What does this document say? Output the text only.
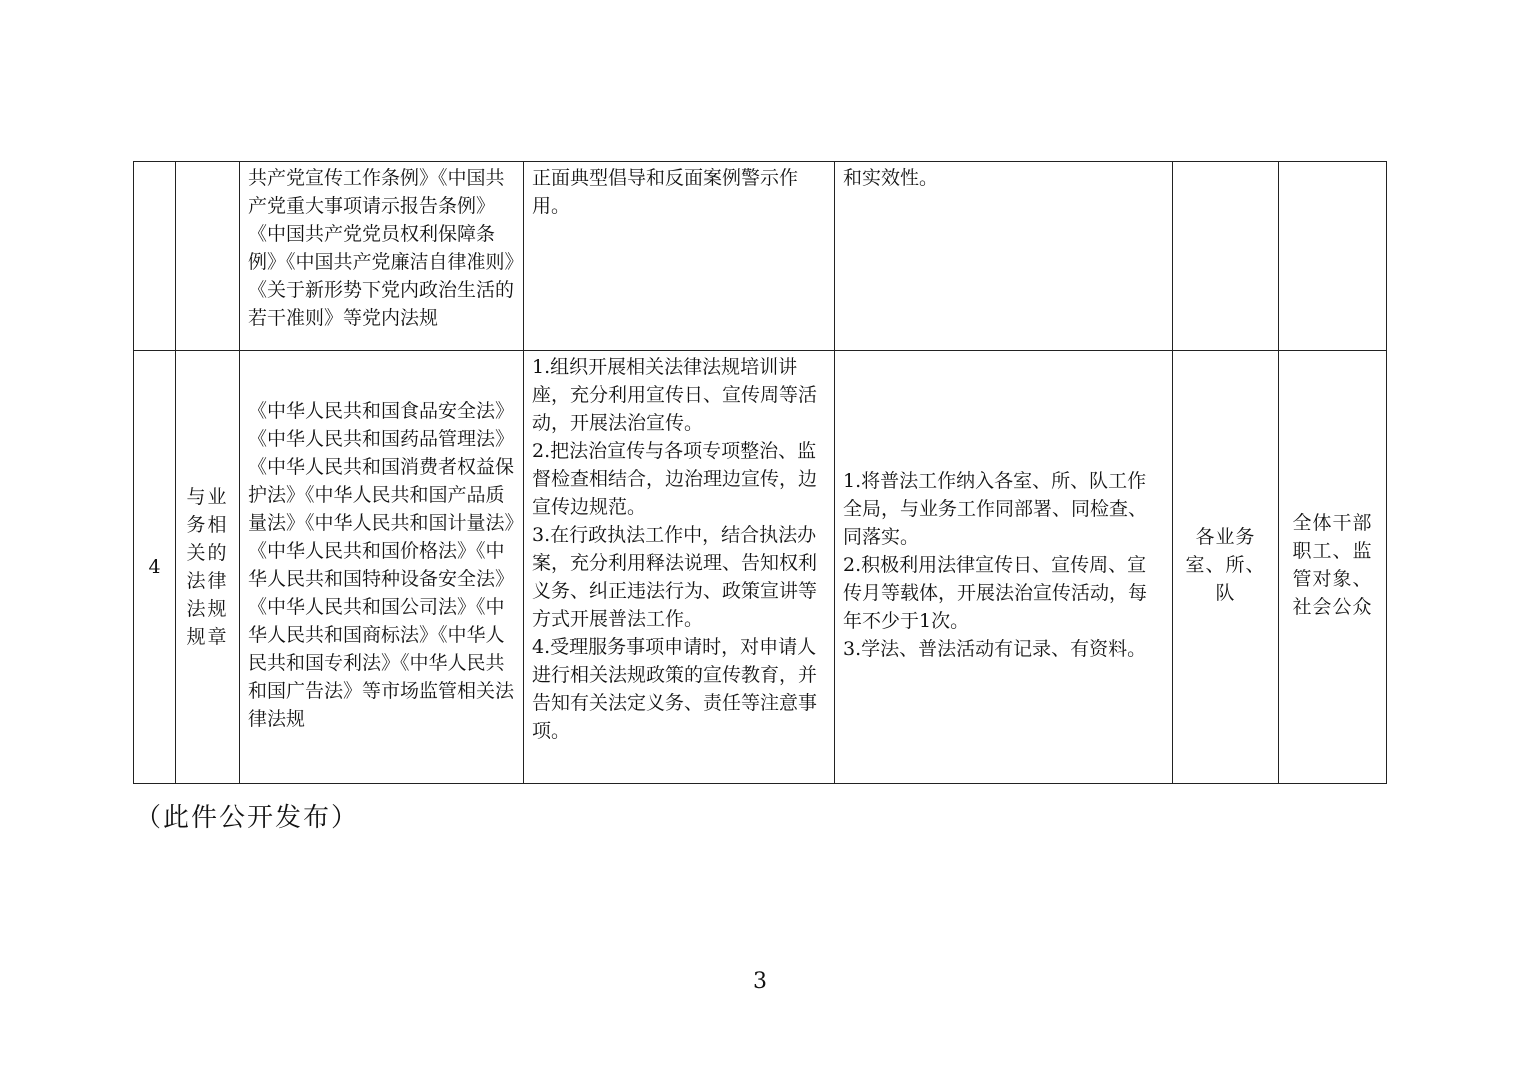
		共产党宣传工作条例》《中国共产党重大事项请示报告条例》《中国共产党党员权利保障条例》《中国共产党廉洁自律准则》《关于新形势下党内政治生活的若干准则》等党内法规	正面典型倡导和反面案例警示作用。	和实效性。		
4	与业务相关的法律法规规章	《中华人民共和国食品安全法》《中华人民共和国药品管理法》《中华人民共和国消费者权益保护法》《中华人民共和国产品质量法》《中华人民共和国计量法》《中华人民共和国价格法》《中华人民共和国特种设备安全法》《中华人民共和国公司法》《中华人民共和国商标法》《中华人民共和国专利法》《中华人民共和国广告法》等市场监管相关法律法规	1.组织开展相关法律法规培训讲座，充分利用宣传日、宣传周等活动，开展法治宣传。
2.把法治宣传与各项专项整治、监督检查相结合，边治理边宣传，边宣传边规范。
3.在行政执法工作中，结合执法办案，充分利用释法说理、告知权利义务、纠正违法行为、政策宣讲等方式开展普法工作。
4.受理服务事项申请时，对申请人进行相关法规政策的宣传教育，并告知有关法定义务、责任等注意事项。	1.将普法工作纳入各室、所、队工作全局，与业务工作同部署、同检查、同落实。
2.积极利用法律宣传日、宣传周、宣传月等载体，开展法治宣传活动，每年不少于1次。
3.学法、普法活动有记录、有资料。	各业务室、所、队	全体干部职工、监管对象、社会公众
（此件公开发布）
3
